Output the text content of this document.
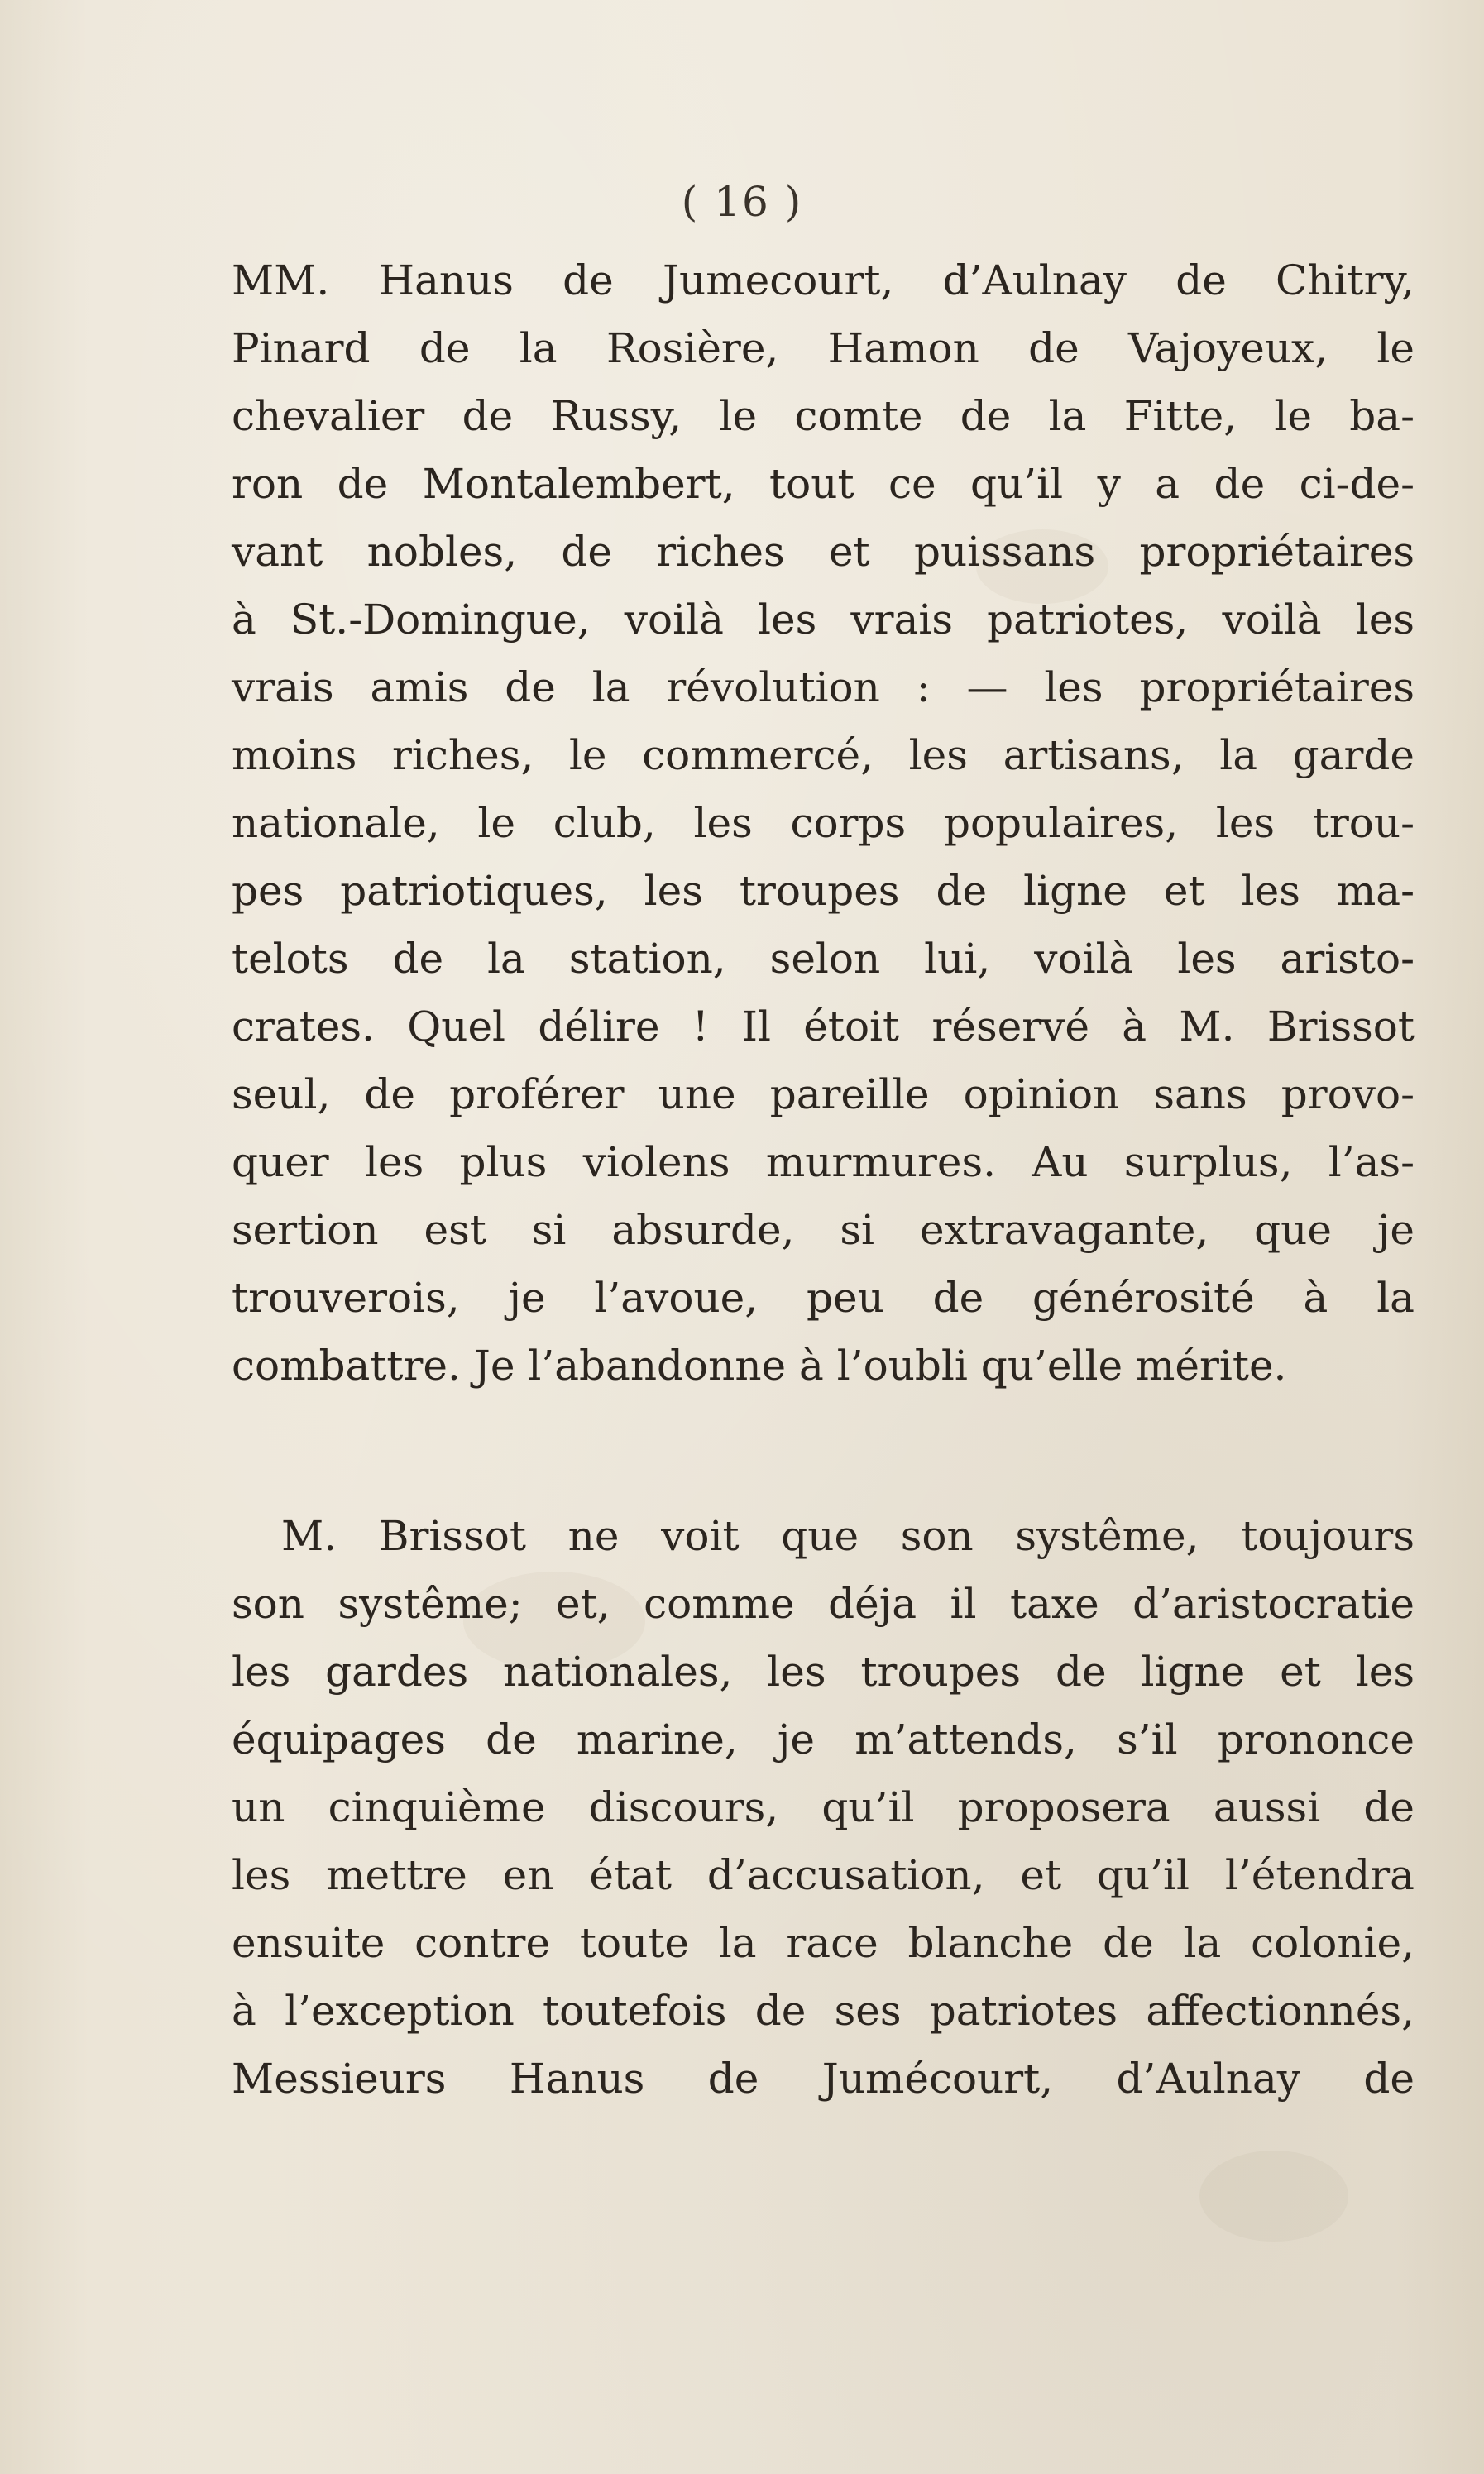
( 16 )
MM. Hanus de Jumecourt, d’Aulnay de Chitry,
Pinard de la Rosière, Hamon de Vajoyeux, le
chevalier de Russy, le comte de la Fitte, le ba-
ron de Montalembert, tout ce qu’il y a de ci-de-
vant nobles, de riches et puissans propriétaires
à St.-Domingue, voilà les vrais patriotes, voilà les
vrais amis de la révolution : — les propriétaires
moins riches, le commercé, les artisans, la garde
nationale, le club, les corps populaires, les trou-
pes patriotiques, les troupes de ligne et les ma-
telots de la station, selon lui, voilà les aristo-
crates. Quel délire ! Il étoit réservé à M. Brissot
seul, de proférer une pareille opinion sans provo-
quer les plus violens murmures. Au surplus, l’as-
sertion est si absurde, si extravagante, que je
trouverois, je l’avoue, peu de générosité à la
combattre. Je l’abandonne à l’oubli qu’elle mérite.
M. Brissot ne voit que son systême, toujours
son systême; et, comme déja il taxe d’aristocratie
les gardes nationales, les troupes de ligne et les
équipages de marine, je m’attends, s’il prononce
un cinquième discours, qu’il proposera aussi de
les mettre en état d’accusation, et qu’il l’étendra
ensuite contre toute la race blanche de la colonie,
à l’exception toutefois de ses patriotes affectionnés,
Messieurs Hanus de Jumécourt, d’Aulnay de
